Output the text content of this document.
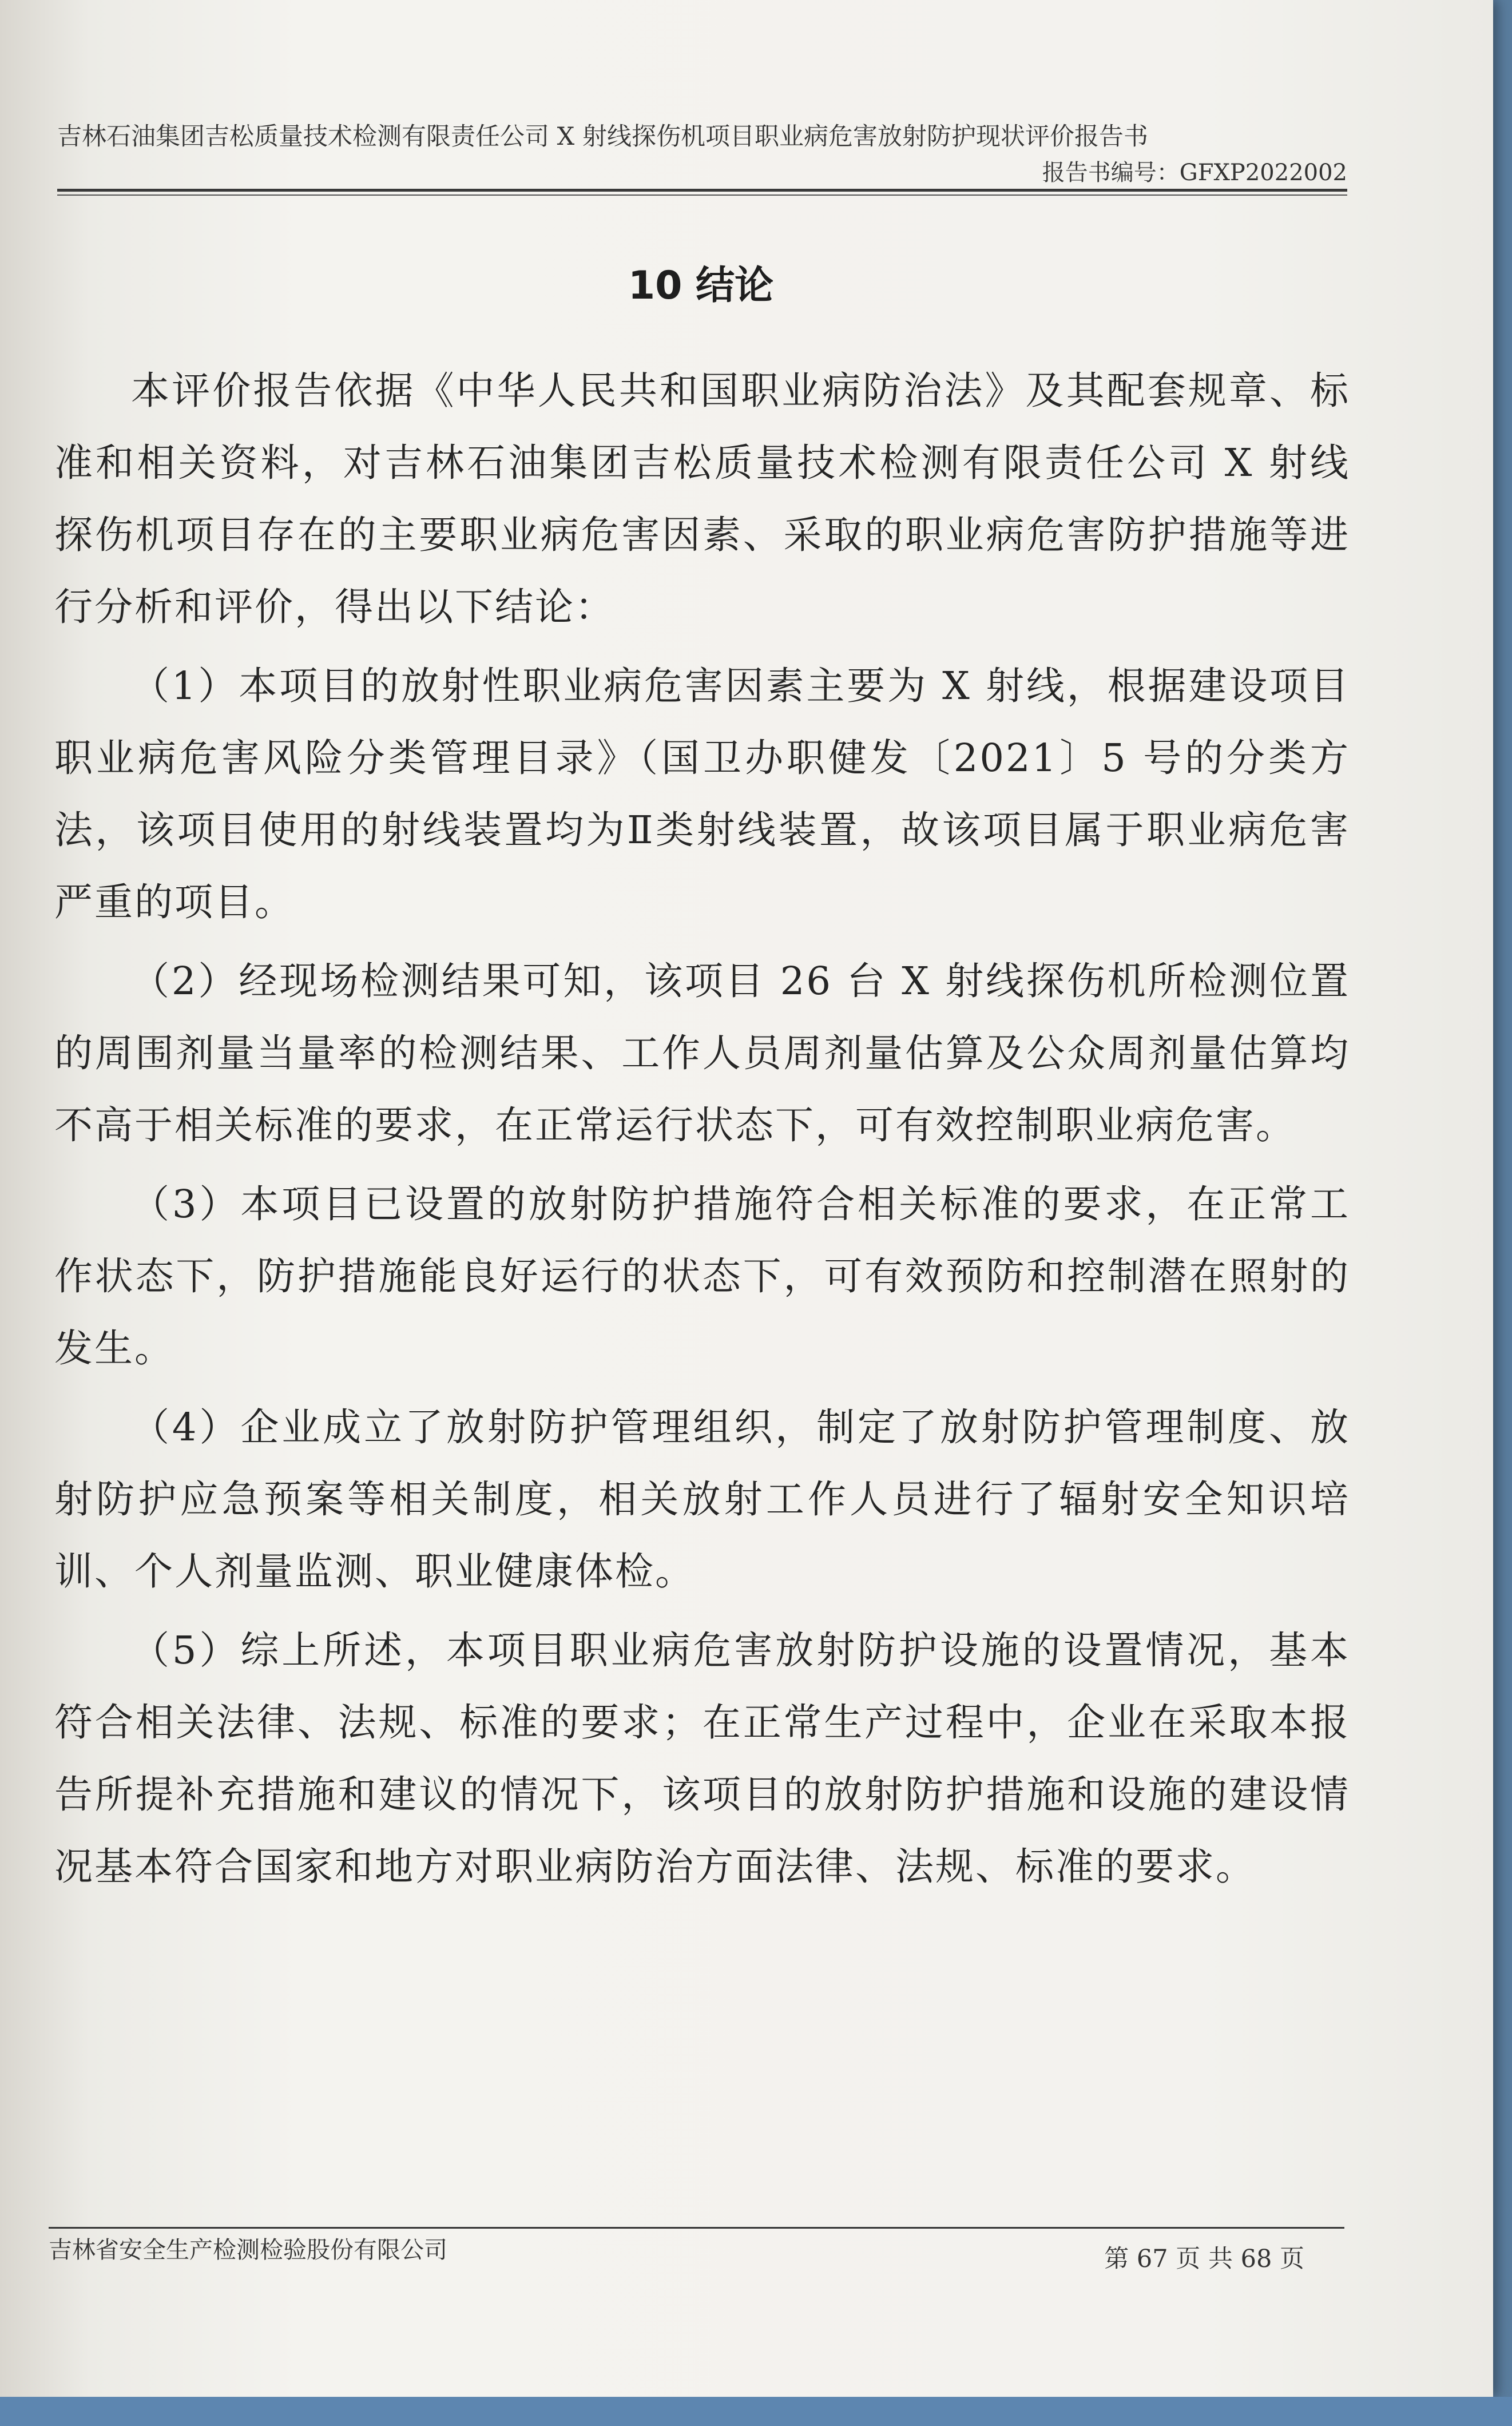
吉林石油集团吉松质量技术检测有限责任公司 X 射线探伤机项目职业病危害放射防护现状评价报告书
报告书编号：GFXP2022002
10 结论

本评价报告依据《中华人民共和国职业病防治法》及其配套规章、标准和相关资料，对吉林石油集团吉松质量技术检测有限责任公司 X 射线探伤机项目存在的主要职业病危害因素、采取的职业病危害防护措施等进行分析和评价，得出以下结论：

（1）本项目的放射性职业病危害因素主要为 X 射线，根据建设项目职业病危害风险分类管理目录》（国卫办职健发〔2021〕5 号的分类方法，该项目使用的射线装置均为Ⅱ类射线装置，故该项目属于职业病危害严重的项目。

（2）经现场检测结果可知，该项目 26 台 X 射线探伤机所检测位置的周围剂量当量率的检测结果、工作人员周剂量估算及公众周剂量估算均不高于相关标准的要求，在正常运行状态下，可有效控制职业病危害。

（3）本项目已设置的放射防护措施符合相关标准的要求，在正常工作状态下，防护措施能良好运行的状态下，可有效预防和控制潜在照射的发生。

（4）企业成立了放射防护管理组织，制定了放射防护管理制度、放射防护应急预案等相关制度，相关放射工作人员进行了辐射安全知识培训、个人剂量监测、职业健康体检。

（5）综上所述，本项目职业病危害放射防护设施的设置情况，基本符合相关法律、法规、标准的要求；在正常生产过程中，企业在采取本报告所提补充措施和建议的情况下，该项目的放射防护措施和设施的建设情况基本符合国家和地方对职业病防治方面法律、法规、标准的要求。

吉林省安全生产检测检验股份有限公司	第 67 页 共 68 页
